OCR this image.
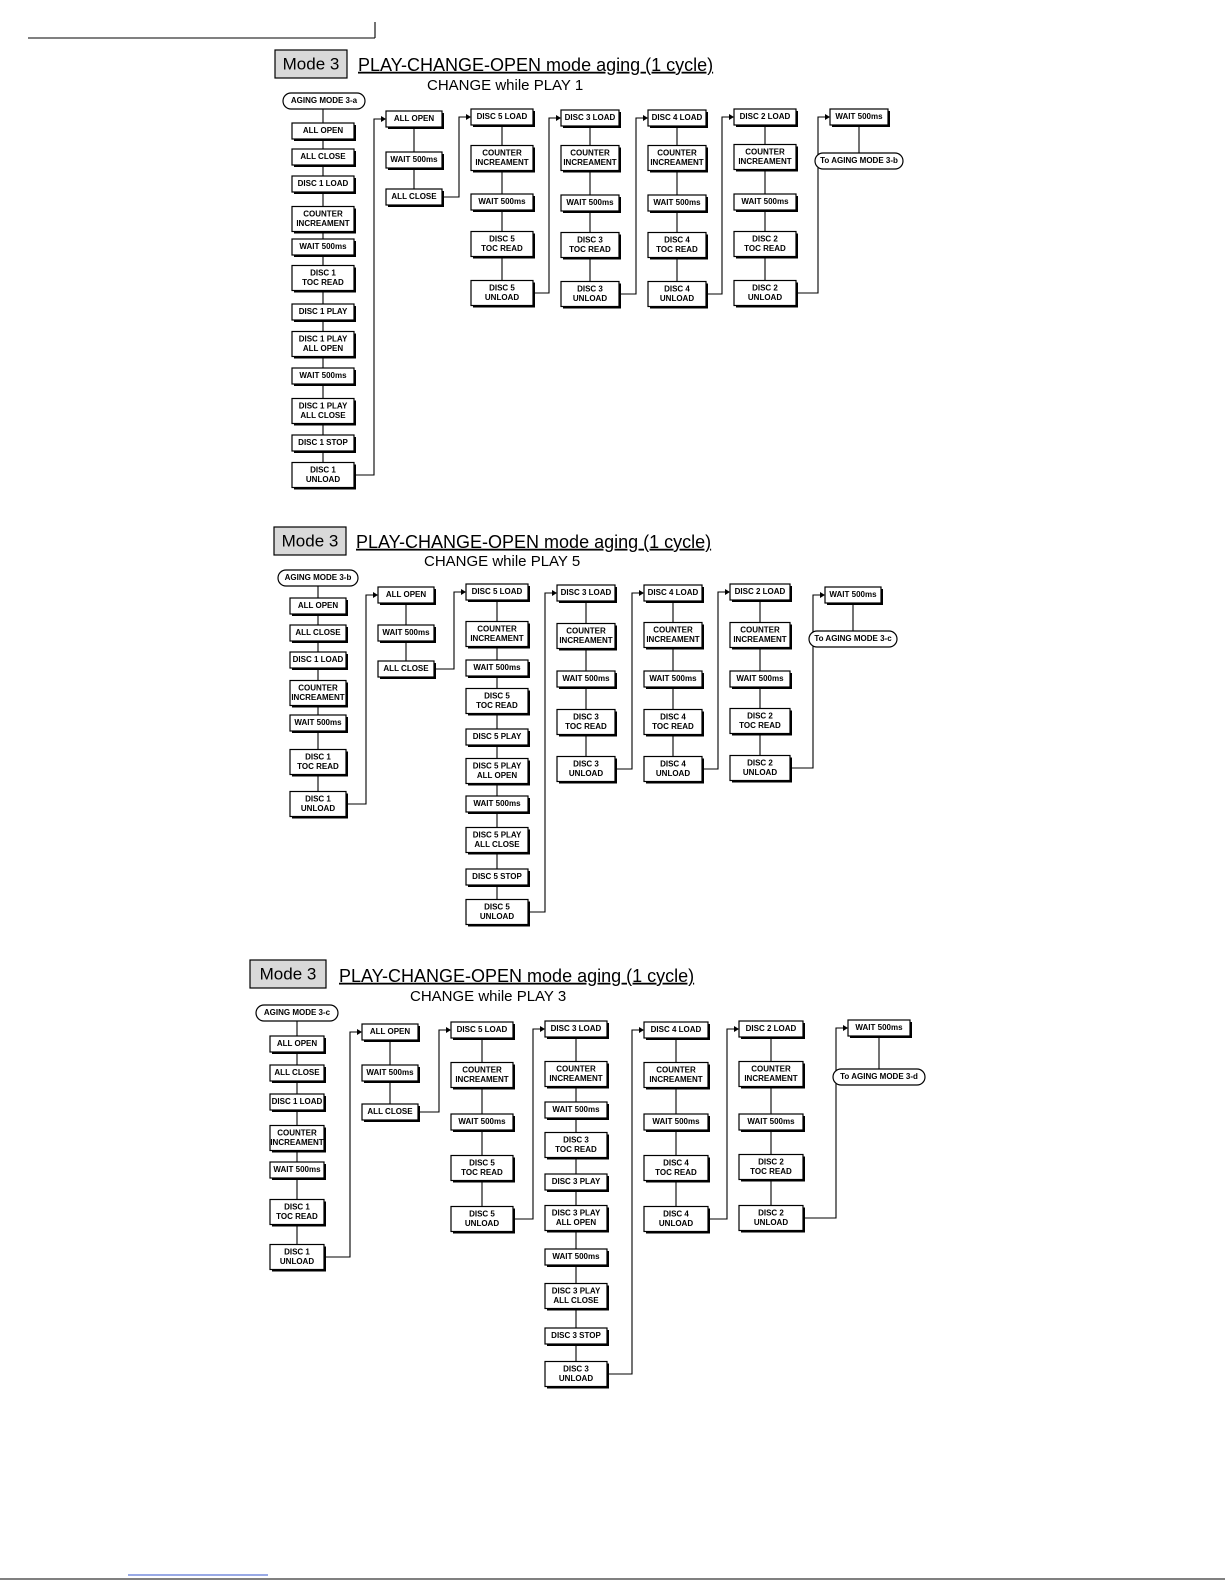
Mode 3 PLAY-CHANGE-OPEN mode aging (1 cycle)
CHANGE while PLAY 1
AGING MODE 3-a
ALL OPEN
ALL CLOSE
DISC 1 LOAD
COUNTER
INCREAMENT
WAIT 500ms
DISC 1
TOC READ
DISC 1 PLAY
DISC 1 PLAY
ALL OPEN
WAIT 500ms
DISC 1 PLAY
ALL CLOSE
DISC 1 STOP
DISC 1
UNLOAD
ALL OPEN
WAIT 500ms
ALL CLOSE
DISC 5 LOAD
COUNTER
INCREAMENT
WAIT 500ms
DISC 5
TOC READ
DISC 5
UNLOAD
DISC 3 LOAD
COUNTER
INCREAMENT
WAIT 500ms
DISC 3
TOC READ
DISC 3
UNLOAD
DISC 4 LOAD
COUNTER
INCREAMENT
WAIT 500ms
DISC 4
TOC READ
DISC 4
UNLOAD
DISC 2 LOAD
COUNTER
INCREAMENT
WAIT 500ms
DISC 2
TOC READ
DISC 2
UNLOAD
WAIT 500ms
To AGING MODE 3-b
Mode 3 PLAY-CHANGE-OPEN mode aging (1 cycle)
CHANGE while PLAY 5
AGING MODE 3-b
ALL OPEN
ALL CLOSE
DISC 1 LOAD
COUNTER
INCREAMENT
WAIT 500ms
DISC 1
TOC READ
DISC 1
UNLOAD
ALL OPEN
WAIT 500ms
ALL CLOSE
DISC 5 LOAD
COUNTER
INCREAMENT
WAIT 500ms
DISC 5
TOC READ
DISC 5 PLAY
DISC 5 PLAY
ALL OPEN
WAIT 500ms
DISC 5 PLAY
ALL CLOSE
DISC 5 STOP
DISC 5
UNLOAD
DISC 3 LOAD
COUNTER
INCREAMENT
WAIT 500ms
DISC 3
TOC READ
DISC 3
UNLOAD
DISC 4 LOAD
COUNTER
INCREAMENT
WAIT 500ms
DISC 4
TOC READ
DISC 4
UNLOAD
DISC 2 LOAD
COUNTER
INCREAMENT
WAIT 500ms
DISC 2
TOC READ
DISC 2
UNLOAD
WAIT 500ms
To AGING MODE 3-c
Mode 3 PLAY-CHANGE-OPEN mode aging (1 cycle)
CHANGE while PLAY 3
AGING MODE 3-c
ALL OPEN
ALL CLOSE
DISC 1 LOAD
COUNTER
INCREAMENT
WAIT 500ms
DISC 1
TOC READ
DISC 1
UNLOAD
ALL OPEN
WAIT 500ms
ALL CLOSE
DISC 5 LOAD
COUNTER
INCREAMENT
WAIT 500ms
DISC 5
TOC READ
DISC 5
UNLOAD
DISC 3 LOAD
COUNTER
INCREAMENT
WAIT 500ms
DISC 3
TOC READ
DISC 3 PLAY
DISC 3 PLAY
ALL OPEN
WAIT 500ms
DISC 3 PLAY
ALL CLOSE
DISC 3 STOP
DISC 3
UNLOAD
DISC 4 LOAD
COUNTER
INCREAMENT
WAIT 500ms
DISC 4
TOC READ
DISC 4
UNLOAD
DISC 2 LOAD
COUNTER
INCREAMENT
WAIT 500ms
DISC 2
TOC READ
DISC 2
UNLOAD
WAIT 500ms
To AGING MODE 3-d
